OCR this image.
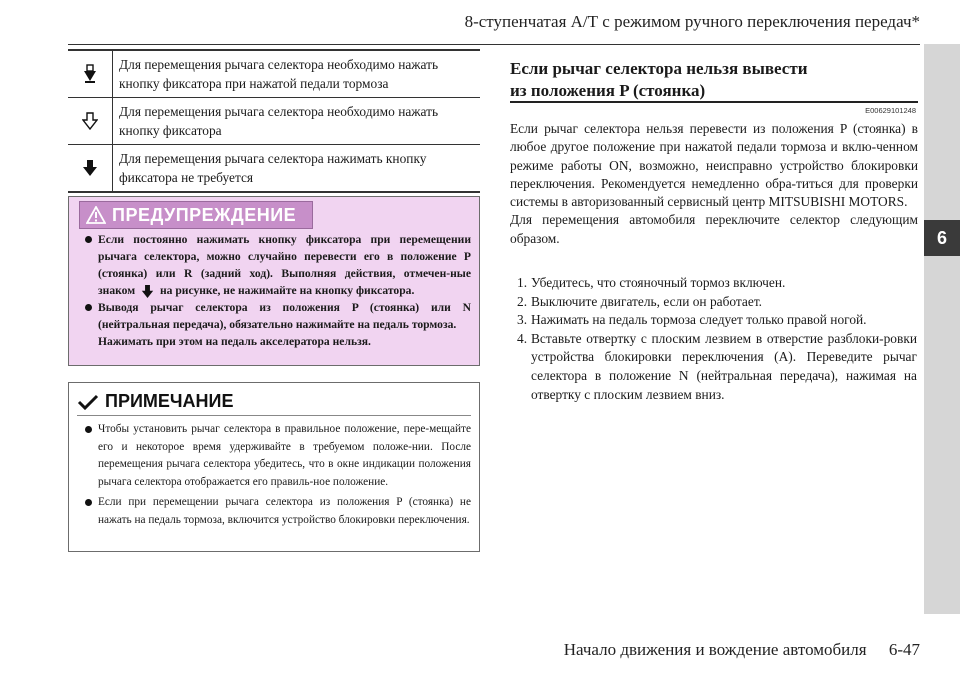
8-ступенчатая А/Т с режимом ручного переключения передач*
6
Для перемещения рычага селектора необходимо нажать кнопку фиксатора при нажатой педали тормоза
Для перемещения рычага селектора необходимо нажать кнопку фиксатора
Для перемещения рычага селектора нажимать кнопку фиксатора не требуется
ПРЕДУПРЕЖДЕНИЕ
Если постоянно нажимать кнопку фиксатора при перемещении рычага селектора, можно случайно перевести его в положение P (стоянка) или R (задний ход). Выполняя действия, отмечен-ные знаком на рисунке, не нажимайте на кнопку фиксатора.
Выводя рычаг селектора из положения P (стоянка) или N (нейтральная передача), обязательно нажимайте на педаль тормоза.
Нажимать при этом на педаль акселератора нельзя.
ПРИМЕЧАНИЕ
Чтобы установить рычаг селектора в правильное положение, пере-мещайте его и некоторое время удерживайте в требуемом положе-нии. После перемещения рычага селектора убедитесь, что в окне индикации положения рычага селектора отображается его правиль-ное положение.
Если при перемещении рычага селектора из положения P (стоянка) не нажать на педаль тормоза, включится устройство блокировки переключения.
Если рычаг селектора нельзя вывести
из положения P (стоянка)
E00629101248
Если рычаг селектора нельзя перевести из положения P (стоянка) в любое другое положение при нажатой педали тормоза и вклю-ченном режиме работы ON, возможно, неисправно устройство блокировки переключения. Рекомендуется немедленно обра-титься для проверки системы в авторизованный сервисный центр MITSUBISHI MOTORS.
Для перемещения автомобиля переключите селектор следующим образом.
1. Убедитесь, что стояночный тормоз включен.
2. Выключите двигатель, если он работает.
3. Нажимать на педаль тормоза следует только правой ногой.
4. Вставьте отвертку с плоским лезвием в отверстие разблоки-ровки устройства блокировки переключения (A). Переведите рычаг селектора в положение N (нейтральная передача), нажимая на отвертку с плоским лезвием вниз.
Начало движения и вождение автомобиля 6-47
